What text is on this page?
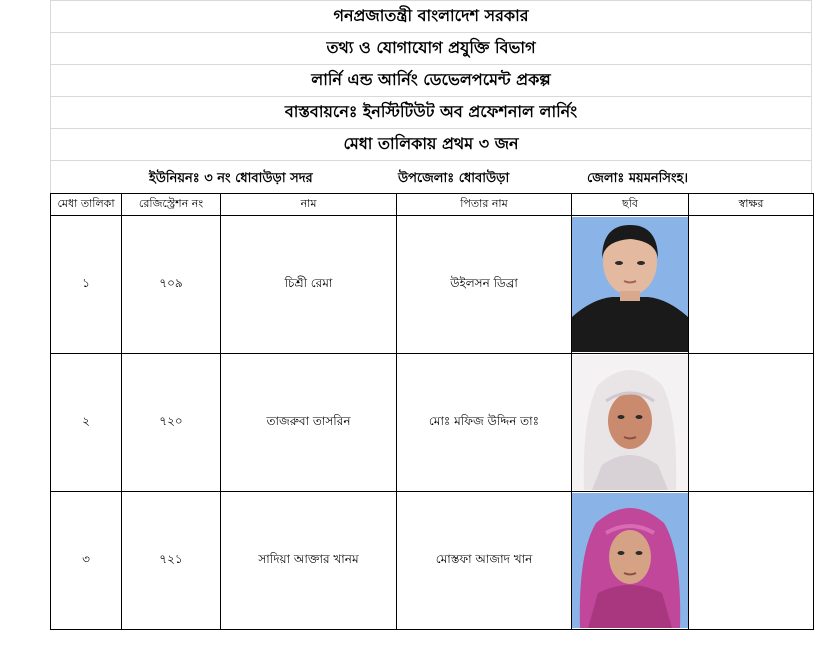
গনপ্রজাতন্ত্রী বাংলাদেশ সরকার
তথ্য ও যোগাযোগ প্রযুক্তি বিভাগ
লার্নি এন্ড আর্নিং ডেভেলপমেন্ট প্রকল্প
বাস্তবায়নেঃ ইনস্টিটিউট অব প্রফেশনাল লার্নিং
মেধা তালিকায় প্রথম ৩ জন
ইউনিয়নঃ ৩ নং ধোবাউড়া সদর	উপজেলাঃ ধোবাউড়া	জেলাঃ ময়মনসিংহ।
মেধা তালিকা	রেজিস্ট্রেশন নং	নাম	পিতার নাম	ছবি	স্বাক্ষর
১	৭০৯	চিশ্রী রেমা	উইলসন ডিব্রা	

২	৭২০	তাজরুবা তাসরিন	মোঃ মফিজ উদ্দিন তাঃ	

৩	৭২১	সাদিয়া আক্তার খানম	মোস্তফা আজাদ খান	
